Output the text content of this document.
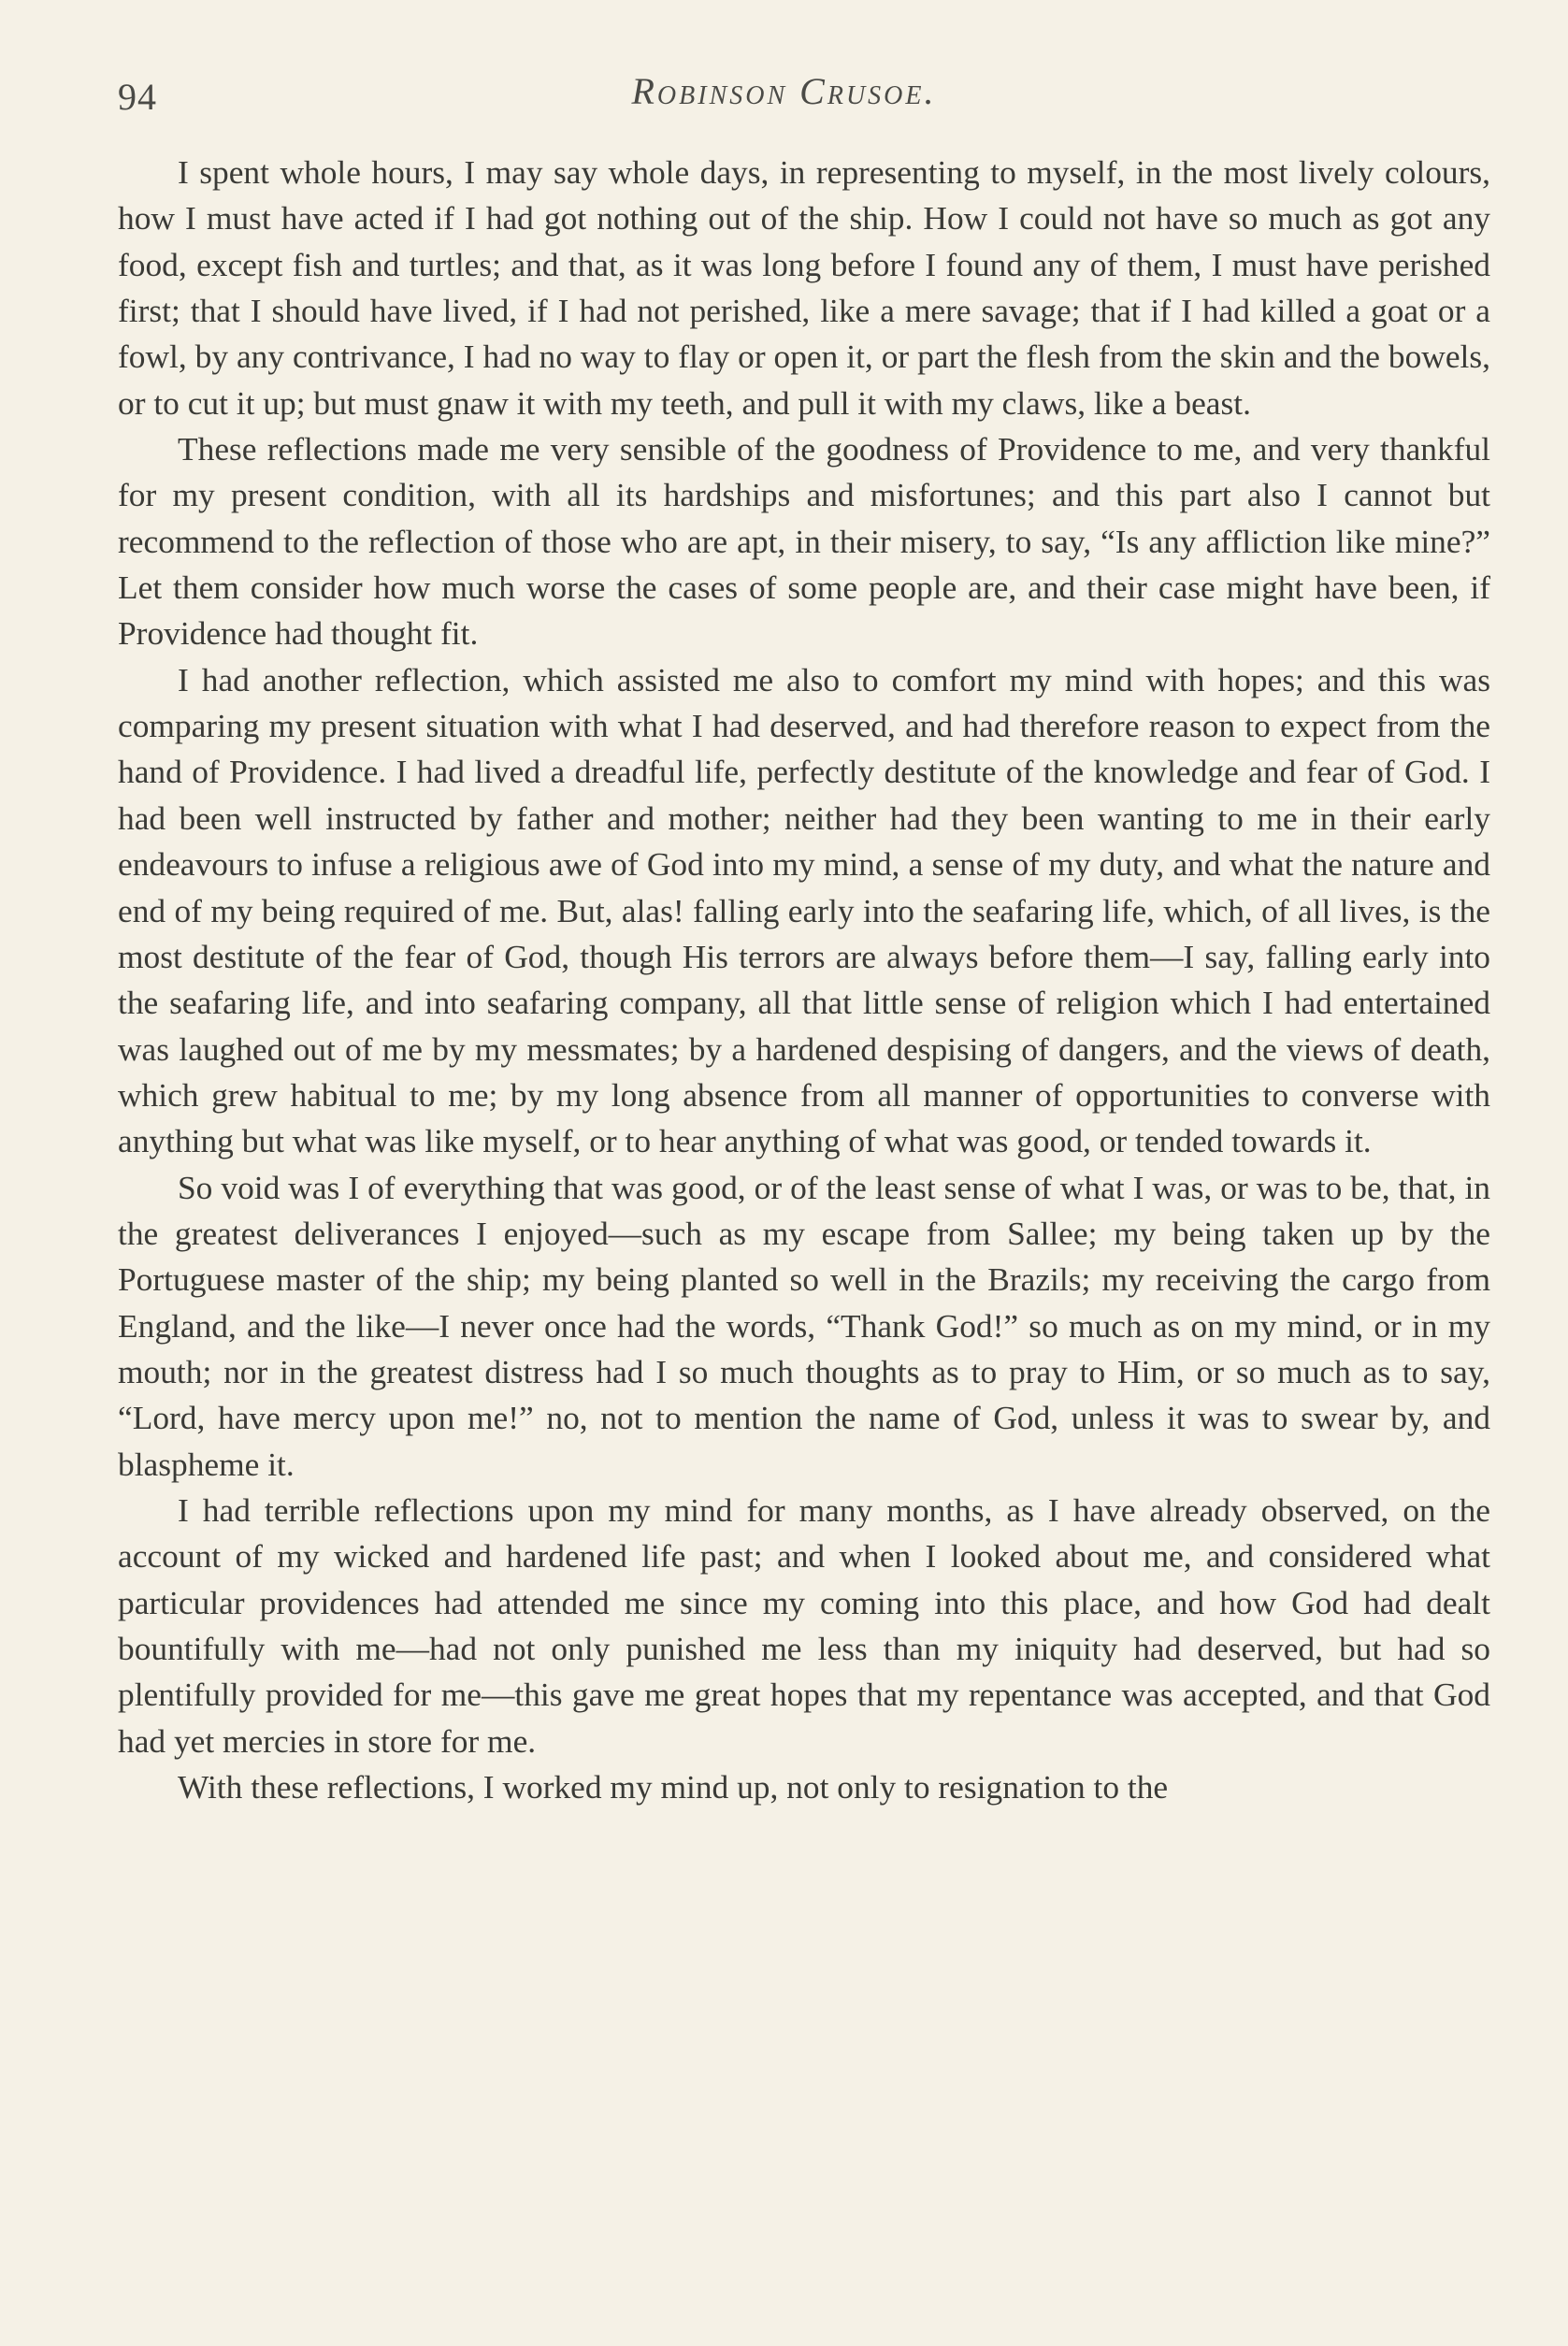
94	Robinson Crusoe.

I spent whole hours, I may say whole days, in representing to myself, in the most lively colours, how I must have acted if I had got nothing out of the ship. How I could not have so much as got any food, except fish and turtles; and that, as it was long before I found any of them, I must have perished first; that I should have lived, if I had not perished, like a mere savage; that if I had killed a goat or a fowl, by any contrivance, I had no way to flay or open it, or part the flesh from the skin and the bowels, or to cut it up; but must gnaw it with my teeth, and pull it with my claws, like a beast.

These reflections made me very sensible of the goodness of Providence to me, and very thankful for my present condition, with all its hardships and misfortunes; and this part also I cannot but recommend to the reflection of those who are apt, in their misery, to say, “Is any affliction like mine?” Let them consider how much worse the cases of some people are, and their case might have been, if Providence had thought fit.

I had another reflection, which assisted me also to comfort my mind with hopes; and this was comparing my present situation with what I had deserved, and had therefore reason to expect from the hand of Providence. I had lived a dreadful life, perfectly destitute of the knowledge and fear of God. I had been well instructed by father and mother; neither had they been wanting to me in their early endeavours to infuse a religious awe of God into my mind, a sense of my duty, and what the nature and end of my being required of me. But, alas! falling early into the seafaring life, which, of all lives, is the most destitute of the fear of God, though His terrors are always before them—I say, falling early into the seafaring life, and into seafaring company, all that little sense of religion which I had entertained was laughed out of me by my messmates; by a hardened despising of dangers, and the views of death, which grew habitual to me; by my long absence from all manner of opportunities to converse with anything but what was like myself, or to hear anything of what was good, or tended towards it.

So void was I of everything that was good, or of the least sense of what I was, or was to be, that, in the greatest deliverances I enjoyed—such as my escape from Sallee; my being taken up by the Portuguese master of the ship; my being planted so well in the Brazils; my receiving the cargo from England, and the like—I never once had the words, “Thank God!” so much as on my mind, or in my mouth; nor in the greatest distress had I so much thoughts as to pray to Him, or so much as to say, “Lord, have mercy upon me!” no, not to mention the name of God, unless it was to swear by, and blaspheme it.

I had terrible reflections upon my mind for many months, as I have already observed, on the account of my wicked and hardened life past; and when I looked about me, and considered what particular providences had attended me since my coming into this place, and how God had dealt bountifully with me—had not only punished me less than my iniquity had deserved, but had so plentifully provided for me—this gave me great hopes that my repentance was accepted, and that God had yet mercies in store for me.

With these reflections, I worked my mind up, not only to resignation to the
